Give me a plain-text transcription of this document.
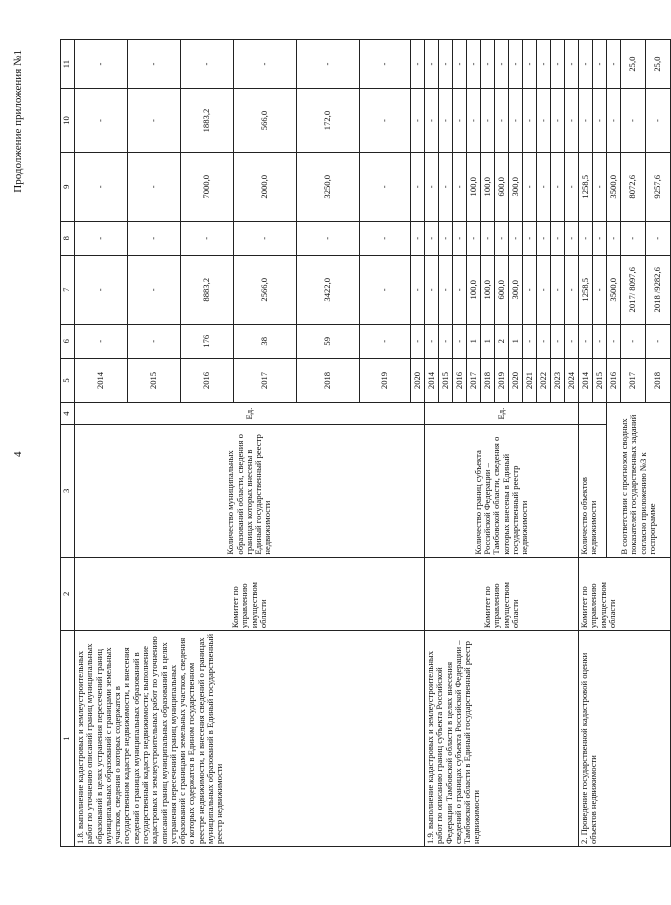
4
Продолжение приложения №1
1	2	3	4	5	6	7	8	9	10	11
1.8. выполнение кадастровых и землеустроительных работ по уточнению описаний границ муниципальных образований в целях устранения пересечений границ муниципальных образований с границами земельных участков, сведения о которых содержатся в государственном кадастре недвижимости, и внесения сведений о границах муниципальных образований в государственный кадастр недвижимости; выполнение кадастровых и землеустроительных работ по уточнению описаний границ муниципальных образований в целях устранения пересечений границ муниципальных образований с границами земельных участков, сведения о которых содержатся в Едином государственном реестре недвижимости, и внесения сведений о границах муниципальных образований в Единый государственный реестр недвижимости	Комитет по управлению имуществом области	Количество муниципальных образований области, сведения о границах которых внесены в Единый государственный реестр недвижимости	Ед.	2014	-	-	-	-	-	-
				2015	-	-	-	-	-	-
				2016	176	8883,2	-	7000,0	1883,2	-
				2017	38	2566,0	-	2000,0	566,0	-
				2018	59	3422,0	-	3250,0	172,0	-
				2019	-	-	-	-	-	-
				2020	-	-	-	-	-	-
1.9. выполнение кадастровых и землеустроительных работ по описанию границ субъекта Российской Федерации Тамбовской области в целях внесения сведений о границах субъекта Российской Федерации – Тамбовской области в Единый государственный реестр недвижимости	Комитет по управлению имуществом области	Количество границ субъекта Российской Федерации – Тамбовской области, сведения о которых внесены в Единый государственный реестр недвижимости	Ед.	2014	-	-	-	-	-	-
				2015	-	-	-	-	-	-
				2016	-	-	-	-	-	-
				2017	1	100,0	-	100,0	-	-
				2018	1	100,0	-	100,0	-	-
				2019	2	600,0	-	600,0	-	-
				2020	1	300,0	-	300,0	-	-
				2021	-	-	-	-	-	-
				2022	-	-	-	-	-	-
				2023	-	-	-	-	-	-
				2024	-	-	-	-	-	-
2. Проведение государственной кадастровой оценки объектов недвижимости	Комитет по управлению имуществом области	Количество объектов недвижимости		2014	-	1258,5	-	1258,5	-	-
				2015	-	-	-	-	-	-
		В соответствии с прогнозом сводных показателей государственных заданий согласно приложению №3 к госпрограмме		2016	-	3500,0	-	3500,0	-	-
				2017	-	2017/ 8097,6	-	8072,6	-	25,0
				2018	-	2018 /9282,6	-	9257,6	-	25,0
